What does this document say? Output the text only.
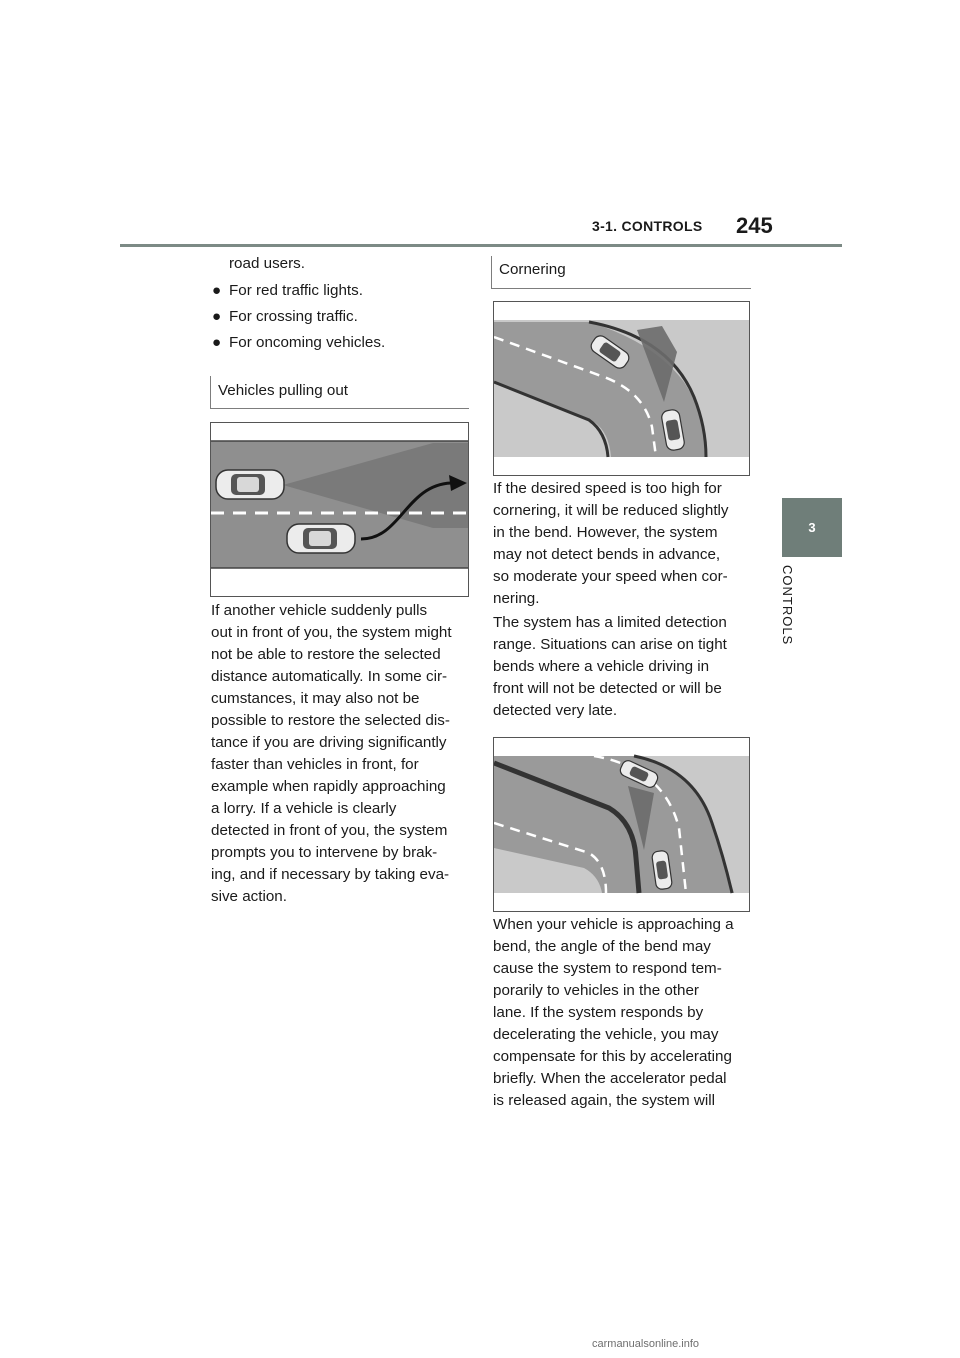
3-1. CONTROLS 245
3
CONTROLS
road users.
● For red traffic lights.
● For crossing traffic.
● For oncoming vehicles.
Vehicles pulling out
If another vehicle suddenly pulls
out in front of you, the system might
not be able to restore the selected
distance automatically. In some cir-
cumstances, it may also not be
possible to restore the selected dis-
tance if you are driving significantly
faster than vehicles in front, for
example when rapidly approaching
a lorry. If a vehicle is clearly
detected in front of you, the system
prompts you to intervene by brak-
ing, and if necessary by taking eva-
sive action.
Cornering
If the desired speed is too high for
cornering, it will be reduced slightly
in the bend. However, the system
may not detect bends in advance,
so moderate your speed when cor-
nering.
The system has a limited detection
range. Situations can arise on tight
bends where a vehicle driving in
front will not be detected or will be
detected very late.
When your vehicle is approaching a
bend, the angle of the bend may
cause the system to respond tem-
porarily to vehicles in the other
lane. If the system responds by
decelerating the vehicle, you may
compensate for this by accelerating
briefly. When the accelerator pedal
is released again, the system will
carmanualsonline.info
